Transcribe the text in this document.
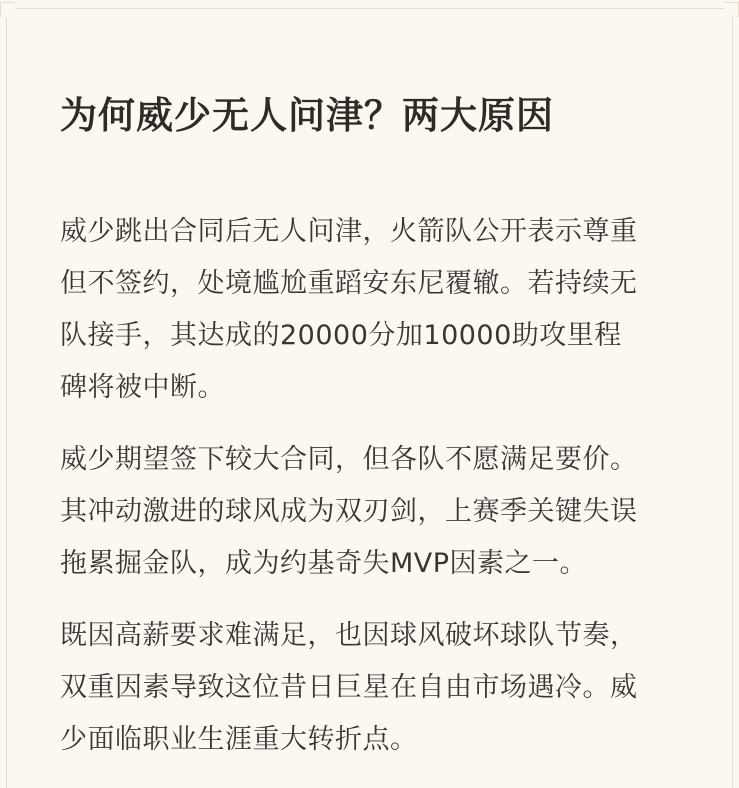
为何威少无人问津？两大原因

威少跳出合同后无人问津，火箭队公开表示尊重
但不签约，处境尴尬重蹈安东尼覆辙。若持续无
队接手，其达成的20000分加10000助攻里程
碑将被中断。

威少期望签下较大合同，但各队不愿满足要价。
其冲动激进的球风成为双刃剑，上赛季关键失误
拖累掘金队，成为约基奇失MVP因素之一。

既因高薪要求难满足，也因球风破坏球队节奏，
双重因素导致这位昔日巨星在自由市场遇冷。威
少面临职业生涯重大转折点。
